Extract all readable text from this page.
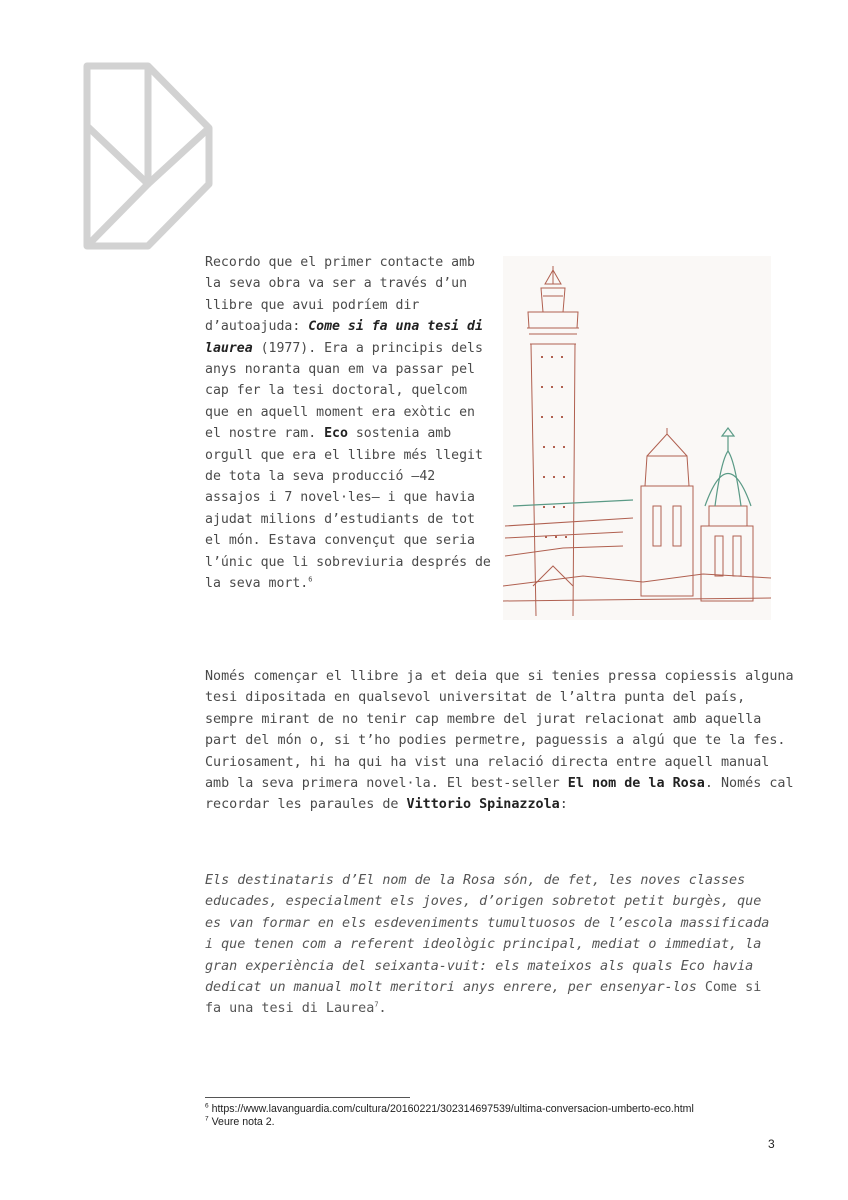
Recordo que el primer contacte amb la seva obra va ser a través d’un llibre que avui podríem dir d’autoajuda: Come si fa una tesi di laurea (1977). Era a principis dels anys noranta quan em va passar pel cap fer la tesi doctoral, quelcom que en aquell moment era exòtic en el nostre ram. Eco sostenia amb orgull que era el llibre més llegit de tota la seva producció –42 assajos i 7 novel·les– i que havia ajudat milions d’estudiants de tot el món. Estava convençut que seria l’únic que li sobreviuria després de la seva mort.$^6$
Només començar el llibre ja et deia que si tenies pressa copiessis alguna tesi dipositada en qualsevol universitat de l’altra punta del país, sempre mirant de no tenir cap membre del jurat relacionat amb aquella part del món o, si t’ho podies permetre, paguessis a algú que te la fes. Curiosament, hi ha qui ha vist una relació directa entre aquell manual amb la seva primera novel·la. El best-seller El nom de la Rosa. Només cal recordar les paraules de Vittorio Spinazzola:
Els destinataris d’El nom de la Rosa són, de fet, les noves classes educades, especialment els joves, d’origen sobretot petit burgès, que es van formar en els esdeveniments tumultuosos de l’escola massificada i que tenen com a referent ideològic principal, mediat o immediat, la gran experiència del seixanta-vuit: els mateixos als quals Eco havia dedicat un manual molt meritori anys enrere, per ensenyar-los Come si fa una tesi di Laurea$^7$.
$^6$ https://www.lavanguardia.com/cultura/20160221/302314697539/ultima-conversacion-umberto-eco.html
$^7$ Veure nota 2.
3
